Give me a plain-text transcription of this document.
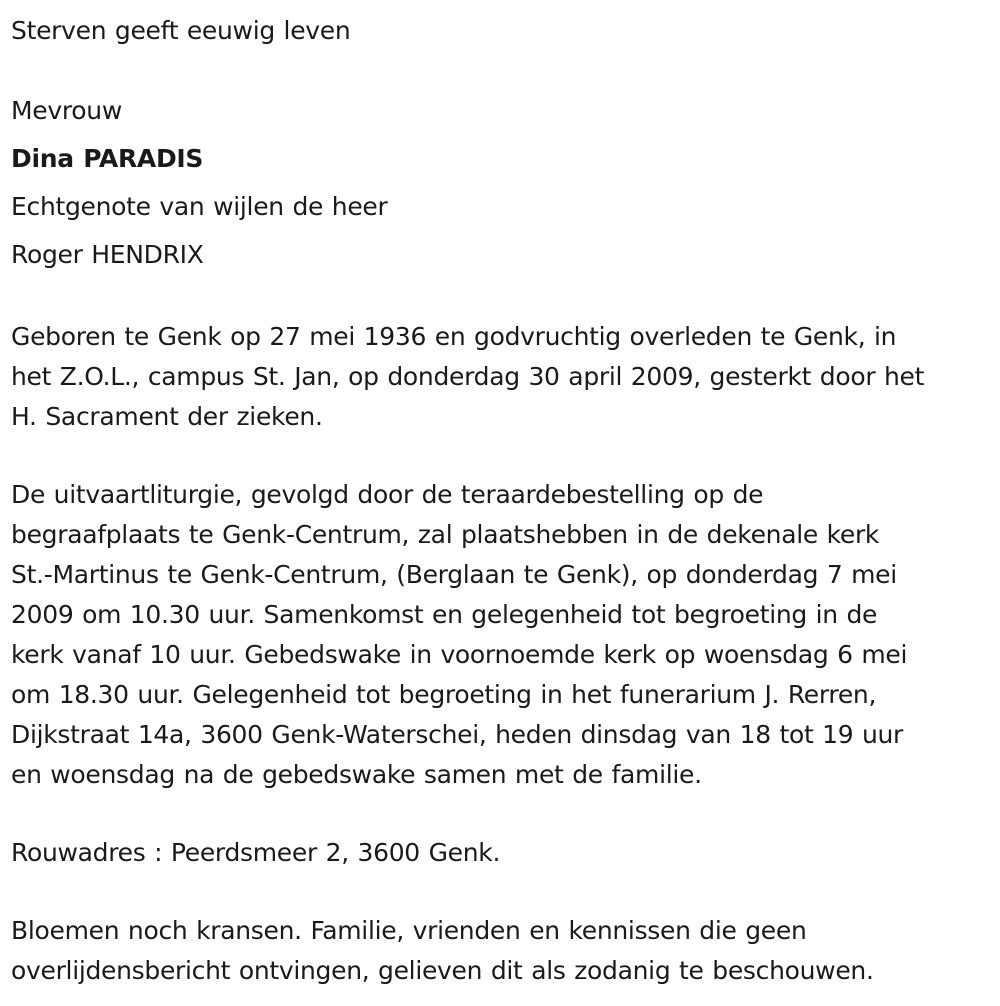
Sterven geeft eeuwig leven
Mevrouw
Dina PARADIS
Echtgenote van wijlen de heer
Roger HENDRIX
Geboren te Genk op 27 mei 1936 en godvruchtig overleden te Genk, in
het Z.O.L., campus St. Jan, op donderdag 30 april 2009, gesterkt door het
H. Sacrament der zieken.
De uitvaartliturgie, gevolgd door de teraardebestelling op de
begraafplaats te Genk-Centrum, zal plaatshebben in de dekenale kerk
St.-Martinus te Genk-Centrum, (Berglaan te Genk), op donderdag 7 mei
2009 om 10.30 uur. Samenkomst en gelegenheid tot begroeting in de
kerk vanaf 10 uur. Gebedswake in voornoemde kerk op woensdag 6 mei
om 18.30 uur. Gelegenheid tot begroeting in het funerarium J. Rerren,
Dijkstraat 14a, 3600 Genk-Waterschei, heden dinsdag van 18 tot 19 uur
en woensdag na de gebedswake samen met de familie.
Rouwadres : Peerdsmeer 2, 3600 Genk.
Bloemen noch kransen. Familie, vrienden en kennissen die geen
overlijdensbericht ontvingen, gelieven dit als zodanig te beschouwen.
